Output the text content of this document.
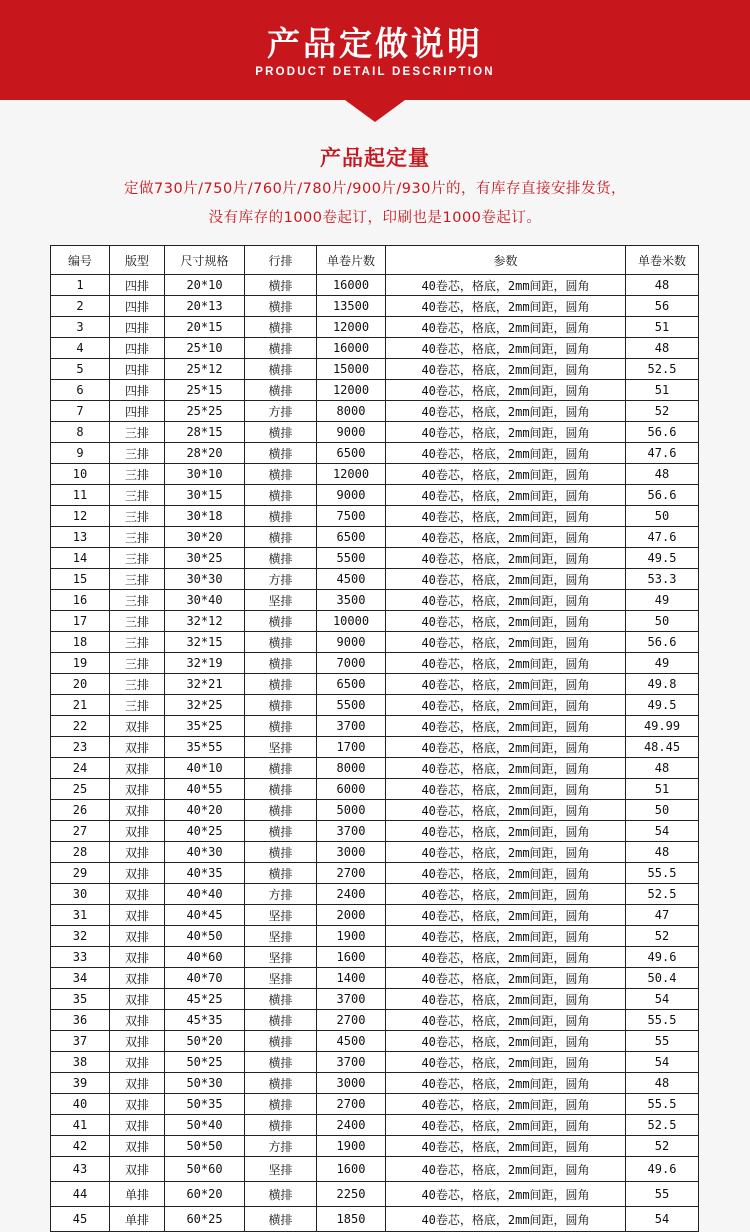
产品定做说明
PRODUCT DETAIL DESCRIPTION
产品起定量
定做730片/750片/760片/780片/900片/930片的，有库存直接安排发货，
没有库存的1000卷起订，印刷也是1000卷起订。
编号	版型	尺寸规格	行排	单卷片数	参数	单卷米数
1	四排	20*10	横排	16000	40卷芯，格底，2mm间距，圆角	48
2	四排	20*13	横排	13500	40卷芯，格底，2mm间距，圆角	56
3	四排	20*15	横排	12000	40卷芯，格底，2mm间距，圆角	51
4	四排	25*10	横排	16000	40卷芯，格底，2mm间距，圆角	48
5	四排	25*12	横排	15000	40卷芯，格底，2mm间距，圆角	52.5
6	四排	25*15	横排	12000	40卷芯，格底，2mm间距，圆角	51
7	四排	25*25	方排	8000	40卷芯，格底，2mm间距，圆角	52
8	三排	28*15	横排	9000	40卷芯，格底，2mm间距，圆角	56.6
9	三排	28*20	横排	6500	40卷芯，格底，2mm间距，圆角	47.6
10	三排	30*10	横排	12000	40卷芯，格底，2mm间距，圆角	48
11	三排	30*15	横排	9000	40卷芯，格底，2mm间距，圆角	56.6
12	三排	30*18	横排	7500	40卷芯，格底，2mm间距，圆角	50
13	三排	30*20	横排	6500	40卷芯，格底，2mm间距，圆角	47.6
14	三排	30*25	横排	5500	40卷芯，格底，2mm间距，圆角	49.5
15	三排	30*30	方排	4500	40卷芯，格底，2mm间距，圆角	53.3
16	三排	30*40	坚排	3500	40卷芯，格底，2mm间距，圆角	49
17	三排	32*12	横排	10000	40卷芯，格底，2mm间距，圆角	50
18	三排	32*15	横排	9000	40卷芯，格底，2mm间距，圆角	56.6
19	三排	32*19	横排	7000	40卷芯，格底，2mm间距，圆角	49
20	三排	32*21	横排	6500	40卷芯，格底，2mm间距，圆角	49.8
21	三排	32*25	横排	5500	40卷芯，格底，2mm间距，圆角	49.5
22	双排	35*25	横排	3700	40卷芯，格底，2mm间距，圆角	49.99
23	双排	35*55	坚排	1700	40卷芯，格底，2mm间距，圆角	48.45
24	双排	40*10	横排	8000	40卷芯，格底，2mm间距，圆角	48
25	双排	40*55	横排	6000	40卷芯，格底，2mm间距，圆角	51
26	双排	40*20	横排	5000	40卷芯，格底，2mm间距，圆角	50
27	双排	40*25	横排	3700	40卷芯，格底，2mm间距，圆角	54
28	双排	40*30	横排	3000	40卷芯，格底，2mm间距，圆角	48
29	双排	40*35	横排	2700	40卷芯，格底，2mm间距，圆角	55.5
30	双排	40*40	方排	2400	40卷芯，格底，2mm间距，圆角	52.5
31	双排	40*45	坚排	2000	40卷芯，格底，2mm间距，圆角	47
32	双排	40*50	坚排	1900	40卷芯，格底，2mm间距，圆角	52
33	双排	40*60	坚排	1600	40卷芯，格底，2mm间距，圆角	49.6
34	双排	40*70	坚排	1400	40卷芯，格底，2mm间距，圆角	50.4
35	双排	45*25	横排	3700	40卷芯，格底，2mm间距，圆角	54
36	双排	45*35	横排	2700	40卷芯，格底，2mm间距，圆角	55.5
37	双排	50*20	横排	4500	40卷芯，格底，2mm间距，圆角	55
38	双排	50*25	横排	3700	40卷芯，格底，2mm间距，圆角	54
39	双排	50*30	横排	3000	40卷芯，格底，2mm间距，圆角	48
40	双排	50*35	横排	2700	40卷芯，格底，2mm间距，圆角	55.5
41	双排	50*40	横排	2400	40卷芯，格底，2mm间距，圆角	52.5
42	双排	50*50	方排	1900	40卷芯，格底，2mm间距，圆角	52
43	双排	50*60	坚排	1600	40卷芯，格底，2mm间距，圆角	49.6
44	单排	60*20	横排	2250	40卷芯，格底，2mm间距，圆角	55
45	单排	60*25	横排	1850	40卷芯，格底，2mm间距，圆角	54
